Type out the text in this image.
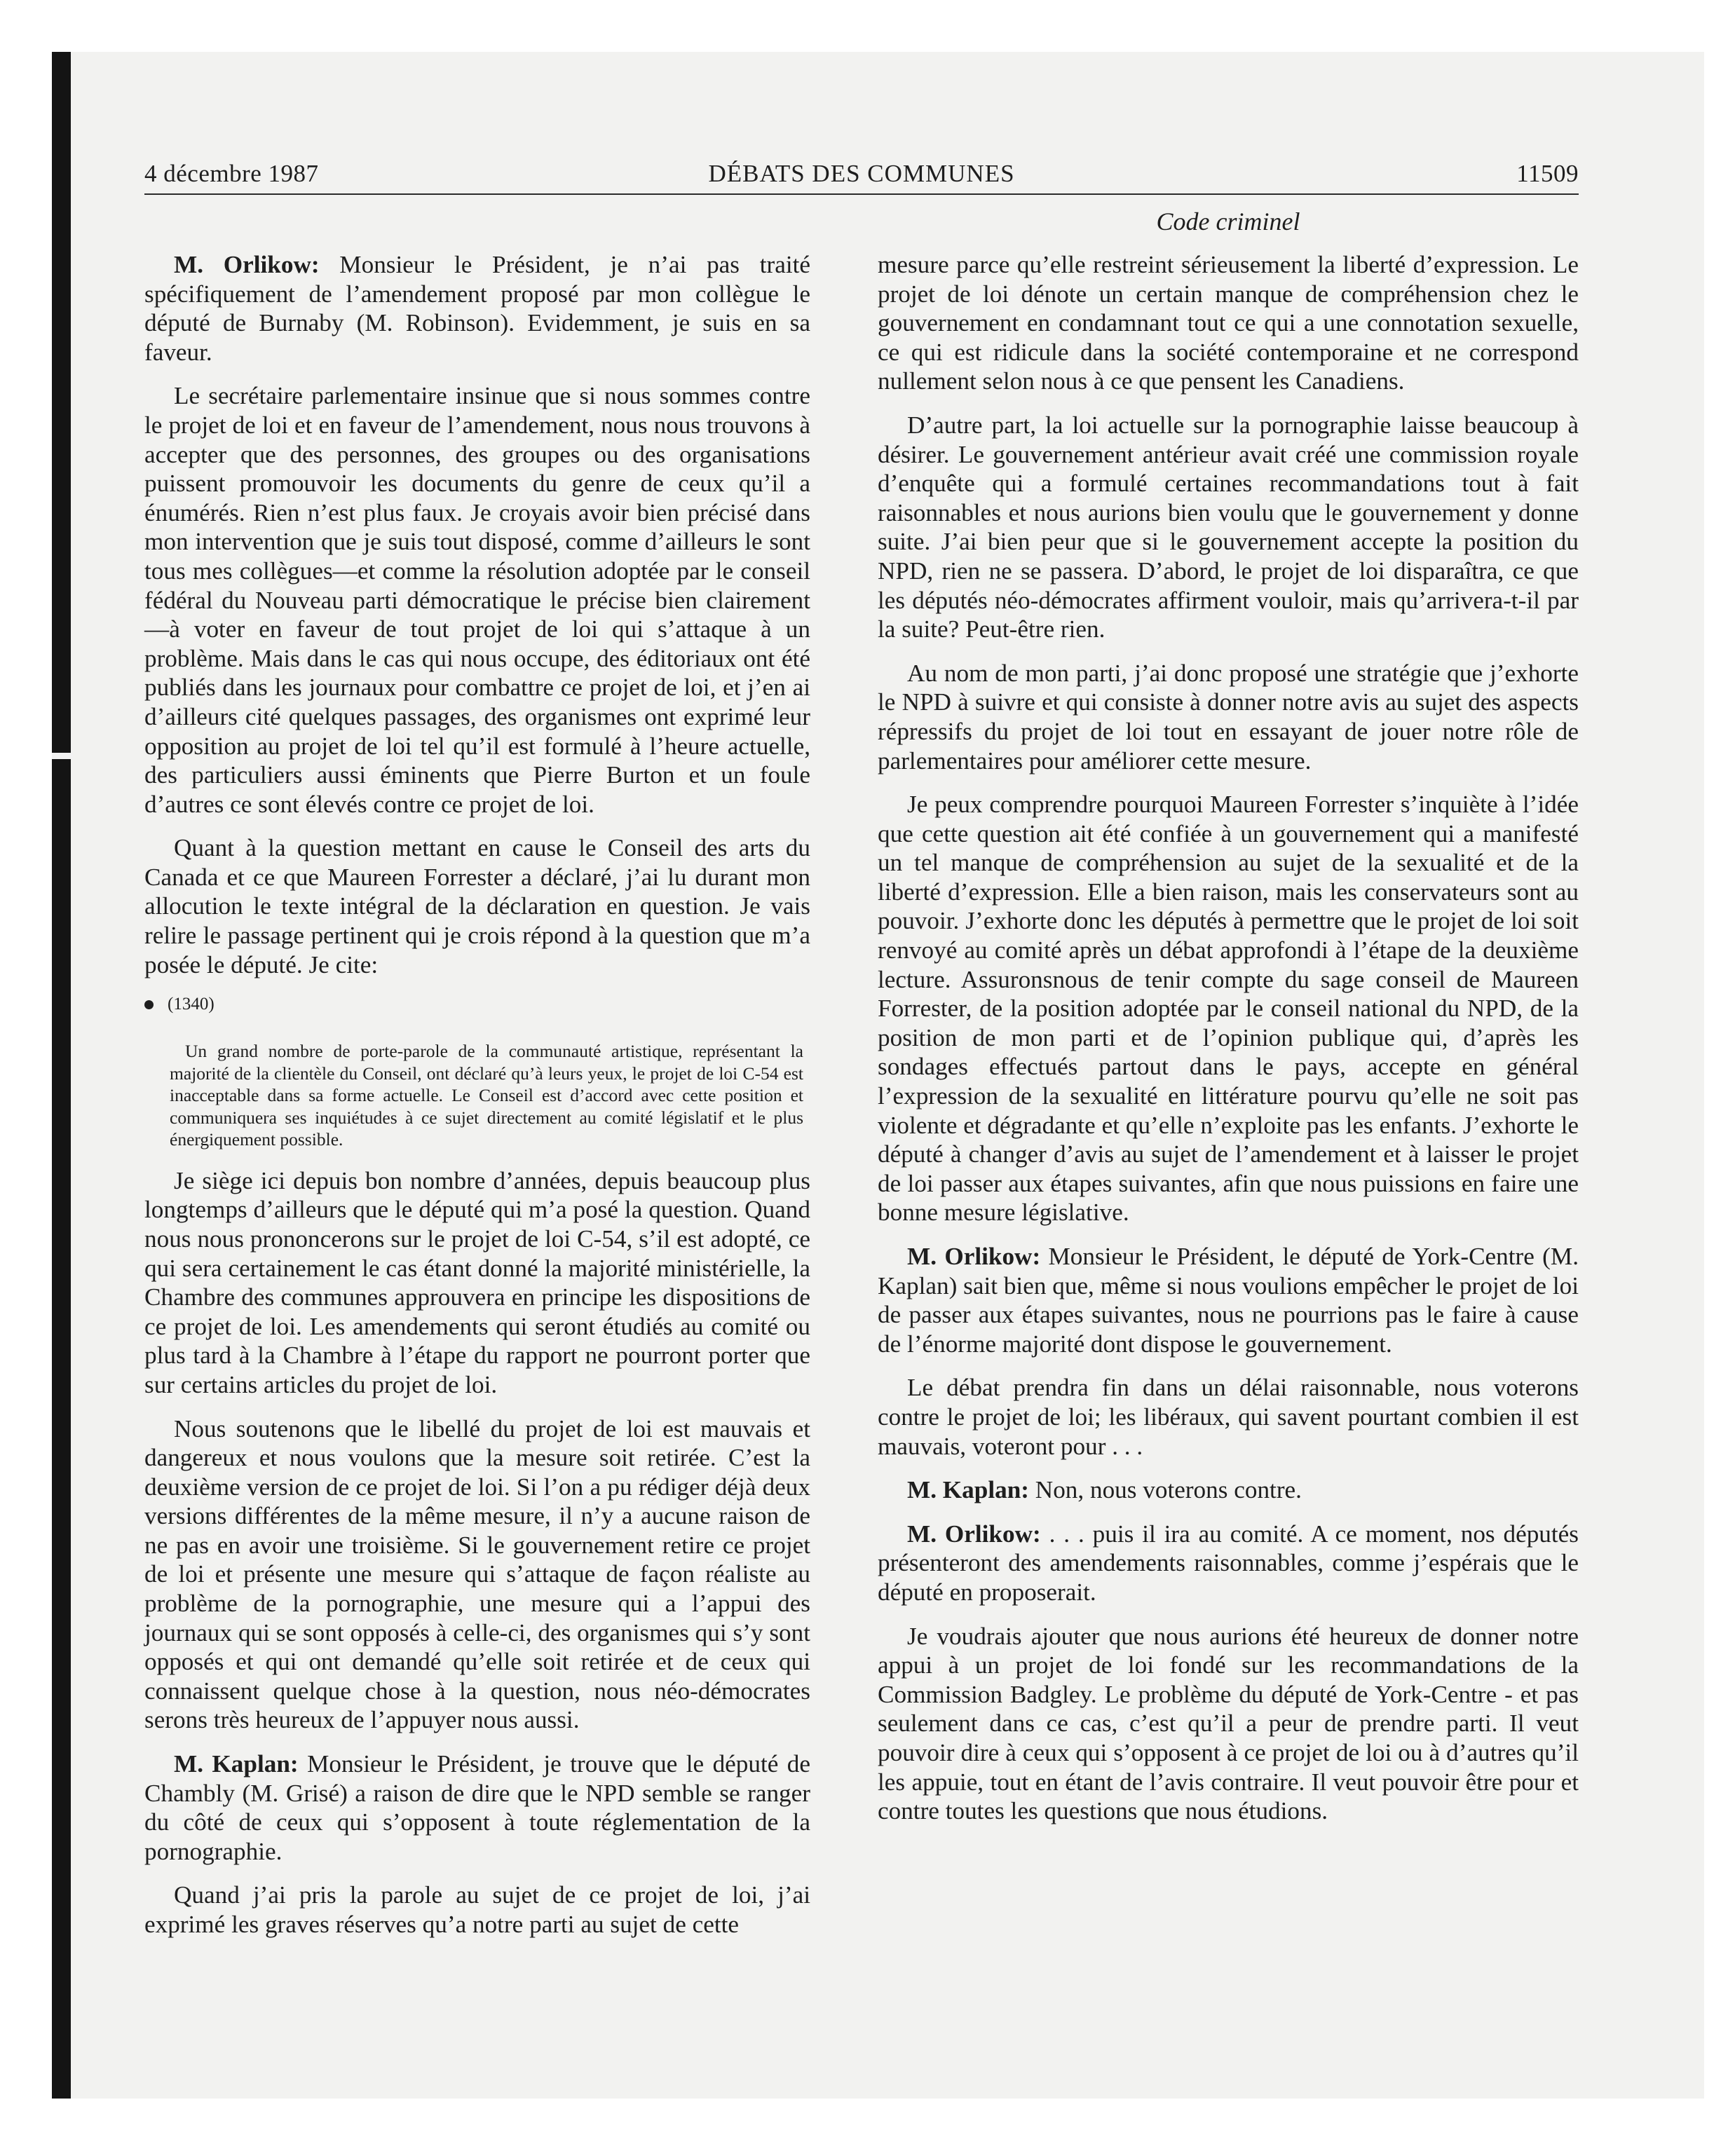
DÉBATS DES COMMUNES
4 décembre 1987	11509
Code criminel

M. Orlikow: Monsieur le Président, je n’ai pas traité spécifiquement de l’amendement proposé par mon collègue le député de Burnaby (M. Robinson). Evidemment, je suis en sa faveur.

Le secrétaire parlementaire insinue que si nous sommes contre le projet de loi et en faveur de l’amendement, nous nous trouvons à accepter que des personnes, des groupes ou des organisations puissent promouvoir les documents du genre de ceux qu’il a énumérés. Rien n’est plus faux. Je croyais avoir bien précisé dans mon intervention que je suis tout disposé, comme d’ailleurs le sont tous mes collègues—et comme la résolution adoptée par le conseil fédéral du Nouveau parti démocratique le précise bien clairement—à voter en faveur de tout projet de loi qui s’attaque à un problème. Mais dans le cas qui nous occupe, des éditoriaux ont été publiés dans les journaux pour combattre ce projet de loi, et j’en ai d’ailleurs cité quelques passages, des organismes ont exprimé leur opposition au projet de loi tel qu’il est formulé à l’heure actuelle, des particuliers aussi éminents que Pierre Burton et un foule d’autres ce sont élevés contre ce projet de loi.

Quant à la question mettant en cause le Conseil des arts du Canada et ce que Maureen Forrester a déclaré, j’ai lu durant mon allocution le texte intégral de la déclaration en question. Je vais relire le passage pertinent qui je crois répond à la question que m’a posée le député. Je cite:

(1340)
Un grand nombre de porte-parole de la communauté artistique, représentant la majorité de la clientèle du Conseil, ont déclaré qu’à leurs yeux, le projet de loi C-54 est inacceptable dans sa forme actuelle. Le Conseil est d’accord avec cette position et communiquera ses inquiétudes à ce sujet directement au comité législatif et le plus énergiquement possible.

Je siège ici depuis bon nombre d’années, depuis beaucoup plus longtemps d’ailleurs que le député qui m’a posé la question. Quand nous nous prononcerons sur le projet de loi C-54, s’il est adopté, ce qui sera certainement le cas étant donné la majorité ministérielle, la Chambre des communes approuvera en principe les dispositions de ce projet de loi. Les amendements qui seront étudiés au comité ou plus tard à la Chambre à l’étape du rapport ne pourront porter que sur certains articles du projet de loi.

Nous soutenons que le libellé du projet de loi est mauvais et dangereux et nous voulons que la mesure soit retirée. C’est la deuxième version de ce projet de loi. Si l’on a pu rédiger déjà deux versions différentes de la même mesure, il n’y a aucune raison de ne pas en avoir une troisième. Si le gouvernement retire ce projet de loi et présente une mesure qui s’attaque de façon réaliste au problème de la pornographie, une mesure qui a l’appui des journaux qui se sont opposés à celle-ci, des organismes qui s’y sont opposés et qui ont demandé qu’elle soit retirée et de ceux qui connaissent quelque chose à la question, nous néo-démocrates serons très heureux de l’appuyer nous aussi.

M. Kaplan: Monsieur le Président, je trouve que le député de Chambly (M. Grisé) a raison de dire que le NPD semble se ranger du côté de ceux qui s’opposent à toute réglementation de la pornographie.

Quand j’ai pris la parole au sujet de ce projet de loi, j’ai exprimé les graves réserves qu’a notre parti au sujet de cette

mesure parce qu’elle restreint sérieusement la liberté d’expression. Le projet de loi dénote un certain manque de compréhension chez le gouvernement en condamnant tout ce qui a une connotation sexuelle, ce qui est ridicule dans la société contemporaine et ne correspond nullement selon nous à ce que pensent les Canadiens.

D’autre part, la loi actuelle sur la pornographie laisse beaucoup à désirer. Le gouvernement antérieur avait créé une commission royale d’enquête qui a formulé certaines recommandations tout à fait raisonnables et nous aurions bien voulu que le gouvernement y donne suite. J’ai bien peur que si le gouvernement accepte la position du NPD, rien ne se passera. D’abord, le projet de loi disparaîtra, ce que les députés néo-démocrates affirment vouloir, mais qu’arrivera-t-il par la suite? Peut-être rien.

Au nom de mon parti, j’ai donc proposé une stratégie que j’exhorte le NPD à suivre et qui consiste à donner notre avis au sujet des aspects répressifs du projet de loi tout en essayant de jouer notre rôle de parlementaires pour améliorer cette mesure.

Je peux comprendre pourquoi Maureen Forrester s’inquiète à l’idée que cette question ait été confiée à un gouvernement qui a manifesté un tel manque de compréhension au sujet de la sexualité et de la liberté d’expression. Elle a bien raison, mais les conservateurs sont au pouvoir. J’exhorte donc les députés à permettre que le projet de loi soit renvoyé au comité après un débat approfondi à l’étape de la deuxième lecture. Assuronsnous de tenir compte du sage conseil de Maureen Forrester, de la position adoptée par le conseil national du NPD, de la position de mon parti et de l’opinion publique qui, d’après les sondages effectués partout dans le pays, accepte en général l’expression de la sexualité en littérature pourvu qu’elle ne soit pas violente et dégradante et qu’elle n’exploite pas les enfants. J’exhorte le député à changer d’avis au sujet de l’amendement et à laisser le projet de loi passer aux étapes suivantes, afin que nous puissions en faire une bonne mesure législative.

M. Orlikow: Monsieur le Président, le député de York-Centre (M. Kaplan) sait bien que, même si nous voulions empêcher le projet de loi de passer aux étapes suivantes, nous ne pourrions pas le faire à cause de l’énorme majorité dont dispose le gouvernement.

Le débat prendra fin dans un délai raisonnable, nous voterons contre le projet de loi; les libéraux, qui savent pourtant combien il est mauvais, voteront pour . . .

M. Kaplan: Non, nous voterons contre.

M. Orlikow: . . . puis il ira au comité. A ce moment, nos députés présenteront des amendements raisonnables, comme j’espérais que le député en proposerait.

Je voudrais ajouter que nous aurions été heureux de donner notre appui à un projet de loi fondé sur les recommandations de la Commission Badgley. Le problème du député de York-Centre - et pas seulement dans ce cas, c’est qu’il a peur de prendre parti. Il veut pouvoir dire à ceux qui s’opposent à ce projet de loi ou à d’autres qu’il les appuie, tout en étant de l’avis contraire. Il veut pouvoir être pour et contre toutes les questions que nous étudions.
